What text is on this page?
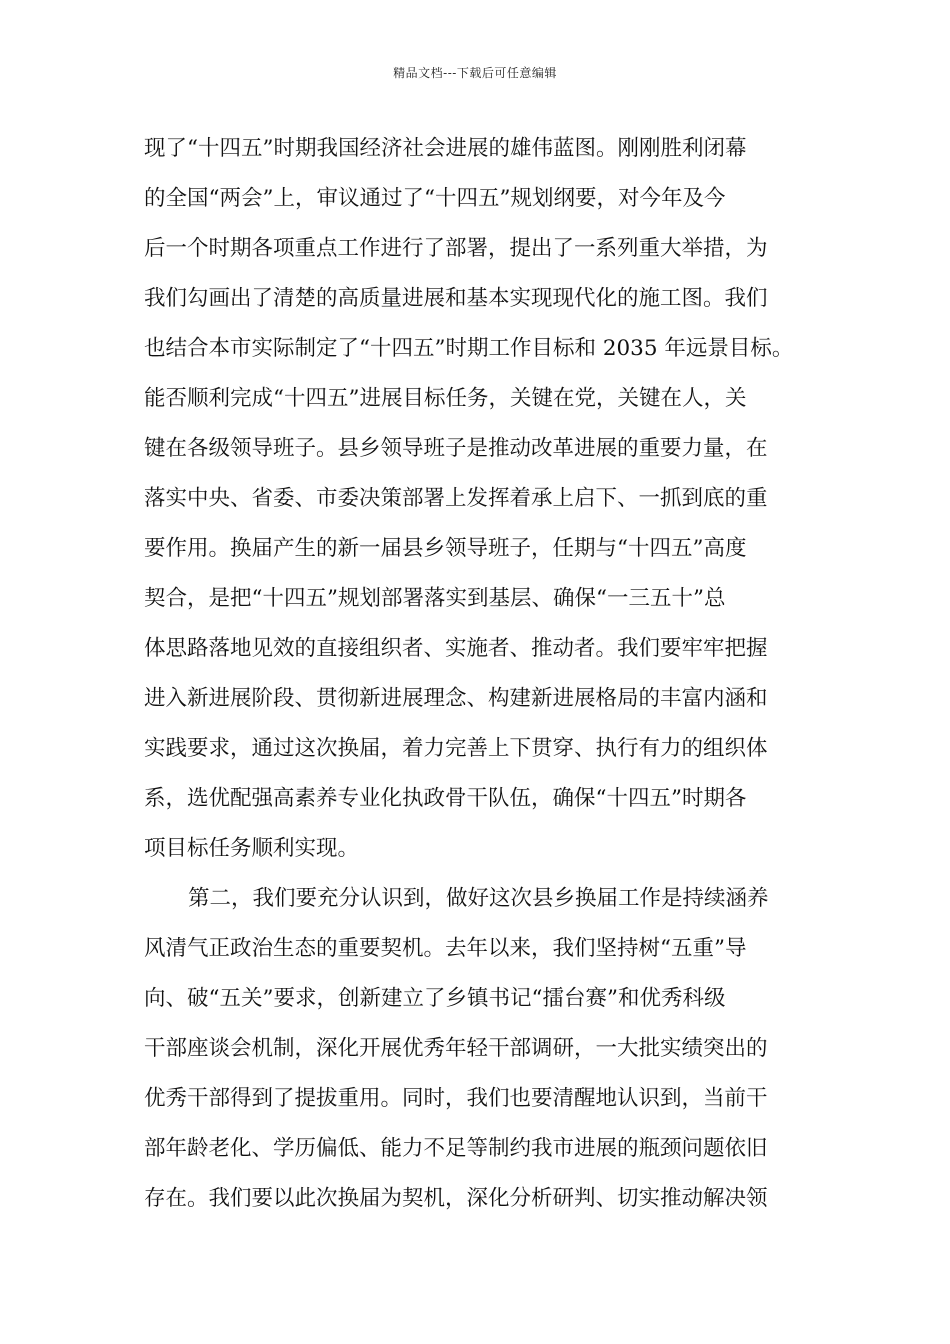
精品文档---下载后可任意编辑
现了“十四五”时期我国经济社会进展的雄伟蓝图。刚刚胜利闭幕
的全国“两会”上，审议通过了“十四五”规划纲要，对今年及今
后一个时期各项重点工作进行了部署，提出了一系列重大举措，为
我们勾画出了清楚的高质量进展和基本实现现代化的施工图。我们
也结合本市实际制定了“十四五”时期工作目标和 2035 年远景目标。
能否顺利完成“十四五”进展目标任务，关键在党，关键在人，关
键在各级领导班子。县乡领导班子是推动改革进展的重要力量，在
落实中央、省委、市委决策部署上发挥着承上启下、一抓到底的重
要作用。换届产生的新一届县乡领导班子，任期与“十四五”高度
契合，是把“十四五”规划部署落实到基层、确保“一三五十”总
体思路落地见效的直接组织者、实施者、推动者。我们要牢牢把握
进入新进展阶段、贯彻新进展理念、构建新进展格局的丰富内涵和
实践要求，通过这次换届，着力完善上下贯穿、执行有力的组织体
系，选优配强高素养专业化执政骨干队伍，确保“十四五”时期各
项目标任务顺利实现。
第二，我们要充分认识到，做好这次县乡换届工作是持续涵养
风清气正政治生态的重要契机。去年以来，我们坚持树“五重”导
向、破“五关”要求，创新建立了乡镇书记“擂台赛”和优秀科级
干部座谈会机制，深化开展优秀年轻干部调研，一大批实绩突出的
优秀干部得到了提拔重用。同时，我们也要清醒地认识到，当前干
部年龄老化、学历偏低、能力不足等制约我市进展的瓶颈问题依旧
存在。我们要以此次换届为契机，深化分析研判、切实推动解决领
